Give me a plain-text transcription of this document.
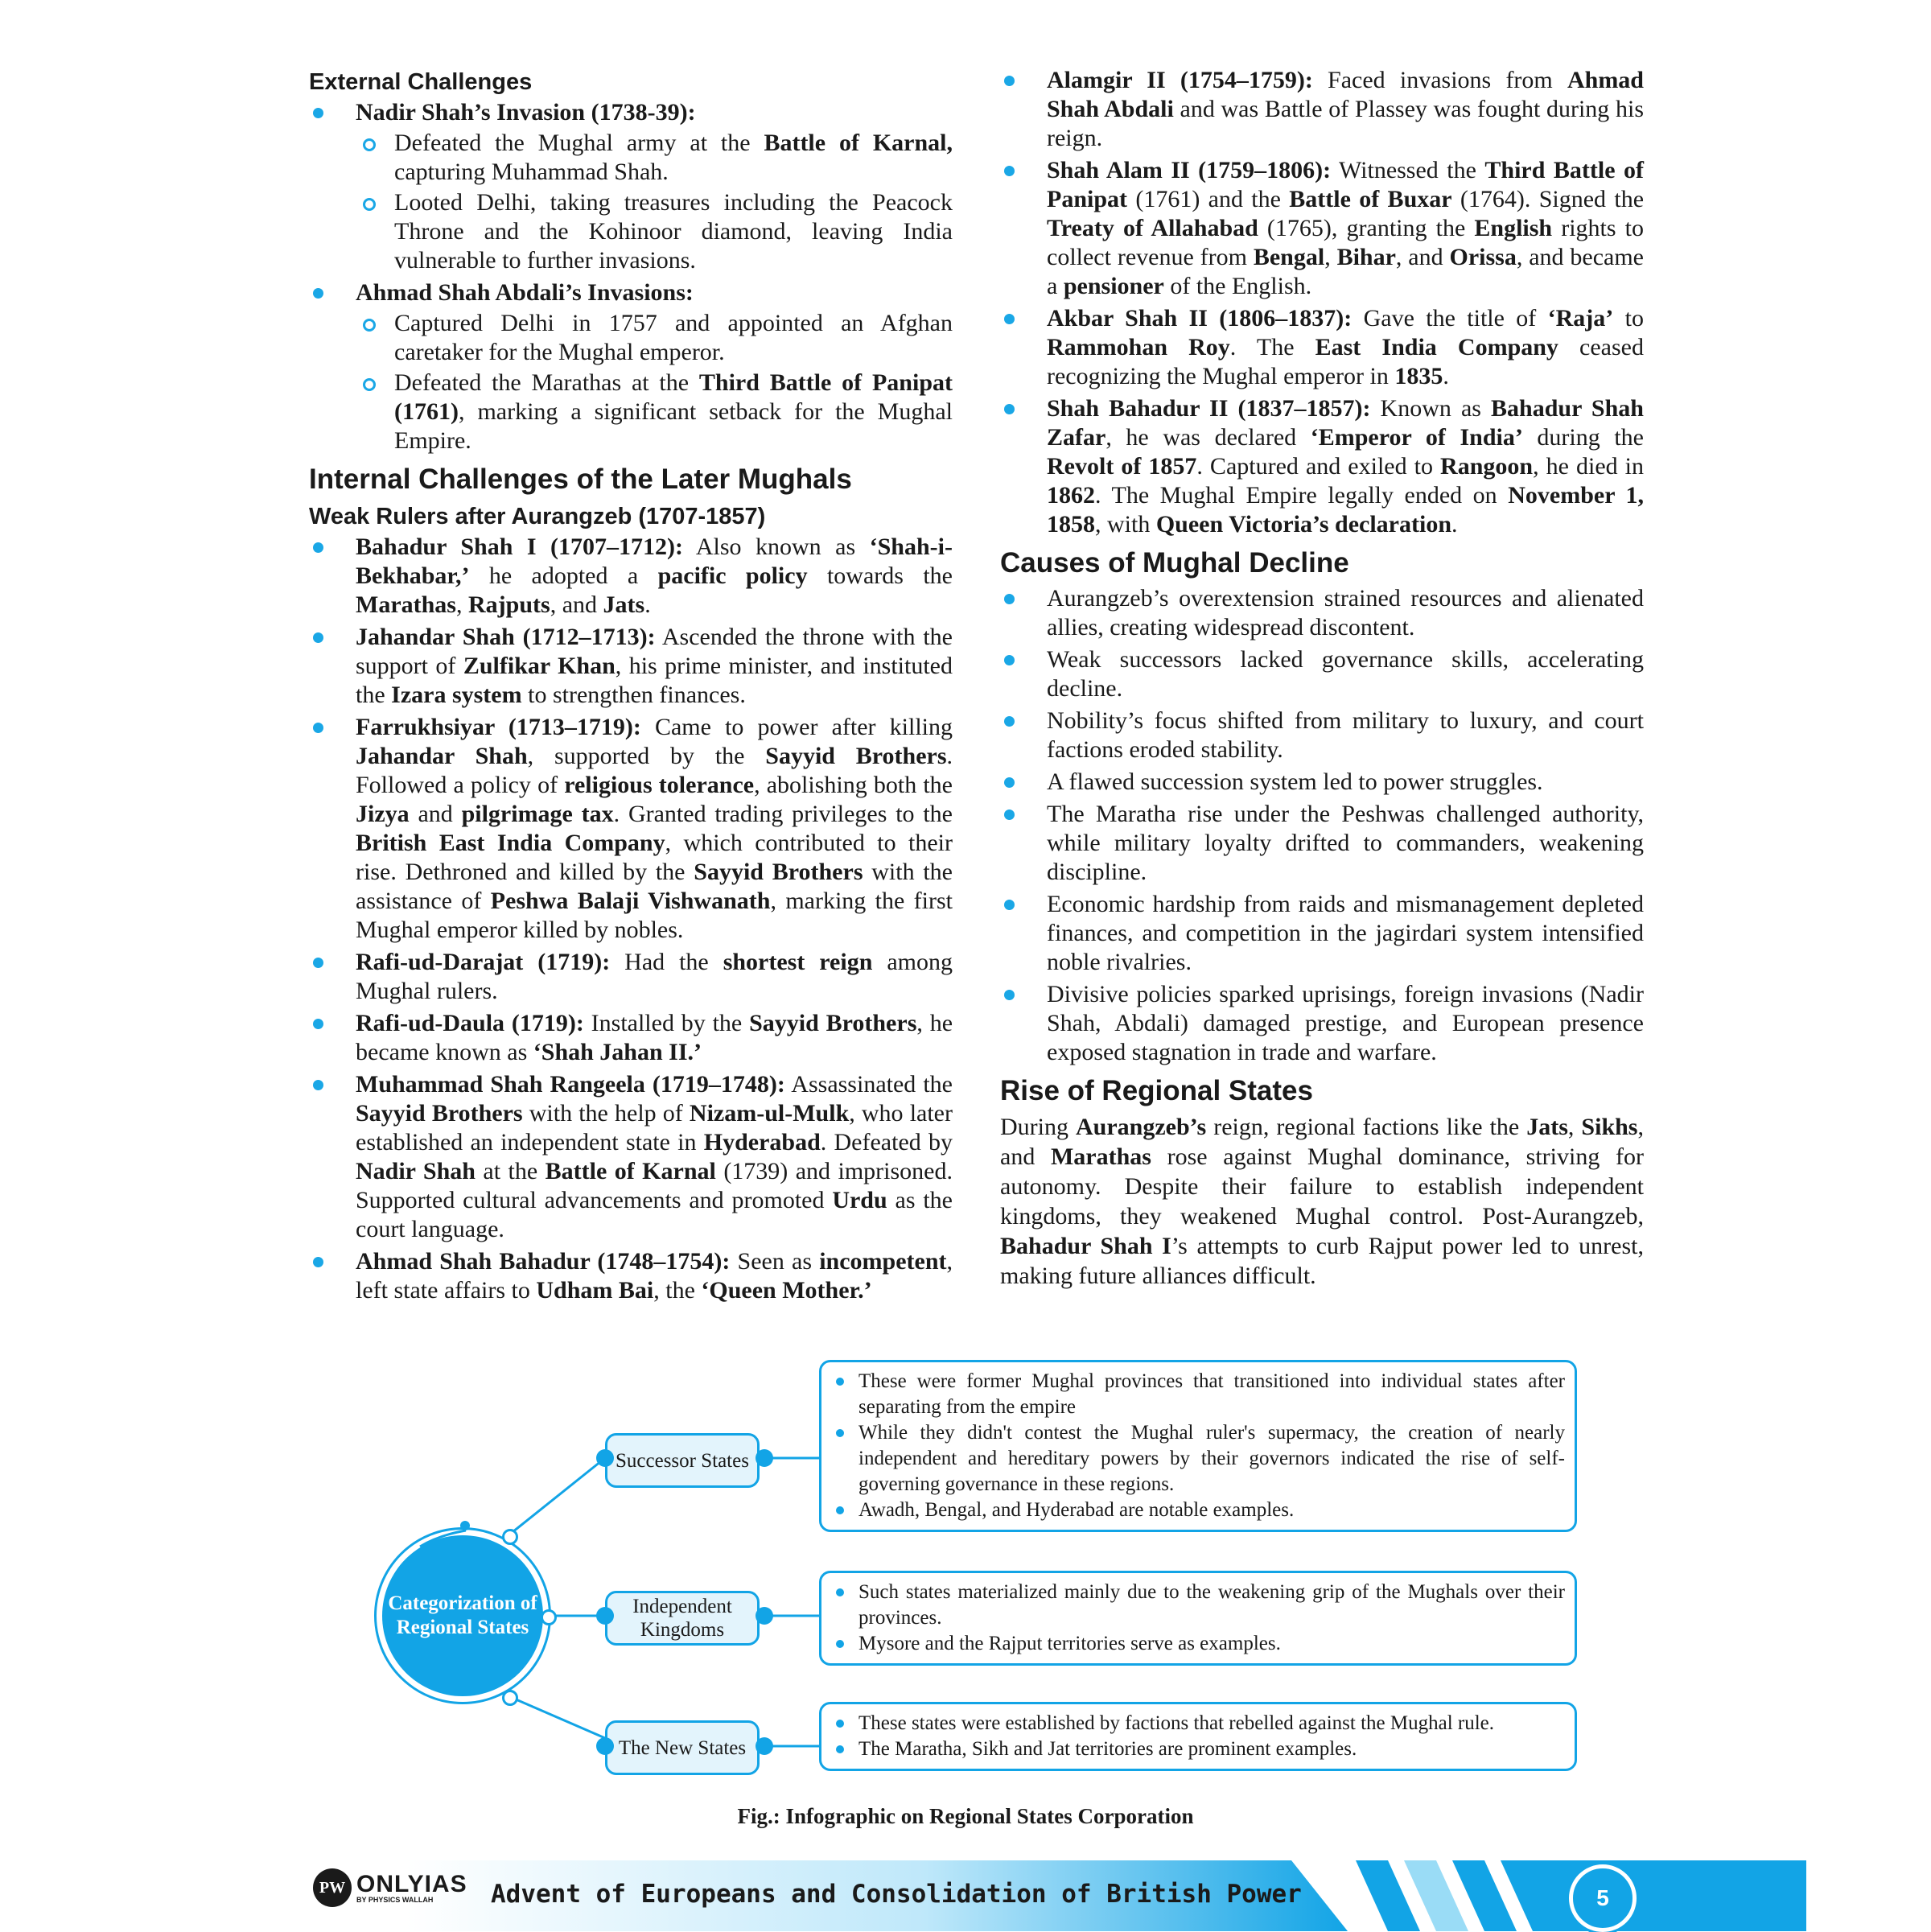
External Challenges
Nadir Shah’s Invasion (1738-39):
Defeated the Mughal army at the Battle of Karnal, capturing Muhammad Shah.
Looted Delhi, taking treasures including the Peacock Throne and the Kohinoor diamond, leaving India vulnerable to further invasions.
Ahmad Shah Abdali’s Invasions:
Captured Delhi in 1757 and appointed an Afghan caretaker for the Mughal emperor.
Defeated the Marathas at the Third Battle of Panipat (1761), marking a significant setback for the Mughal Empire.
Internal Challenges of the Later Mughals
Weak Rulers after Aurangzeb (1707-1857)
Bahadur Shah I (1707–1712): Also known as ‘Shah-i-Bekhabar,’ he adopted a pacific policy towards the Marathas, Rajputs, and Jats.
Jahandar Shah (1712–1713): Ascended the throne with the support of Zulfikar Khan, his prime minister, and instituted the Izara system to strengthen finances.
Farrukhsiyar (1713–1719): Came to power after killing Jahandar Shah, supported by the Sayyid Brothers. Followed a policy of religious tolerance, abolishing both the Jizya and pilgrimage tax. Granted trading privileges to the British East India Company, which contributed to their rise. Dethroned and killed by the Sayyid Brothers with the assistance of Peshwa Balaji Vishwanath, marking the first Mughal emperor killed by nobles.
Rafi-ud-Darajat (1719): Had the shortest reign among Mughal rulers.
Rafi-ud-Daula (1719): Installed by the Sayyid Brothers, he became known as ‘Shah Jahan II.’
Muhammad Shah Rangeela (1719–1748): Assassinated the Sayyid Brothers with the help of Nizam-ul-Mulk, who later established an independent state in Hyderabad. Defeated by Nadir Shah at the Battle of Karnal (1739) and imprisoned. Supported cultural advancements and promoted Urdu as the court language.
Ahmad Shah Bahadur (1748–1754): Seen as incompetent, left state affairs to Udham Bai, the ‘Queen Mother.’
Alamgir II (1754–1759): Faced invasions from Ahmad Shah Abdali and was Battle of Plassey was fought during his reign.
Shah Alam II (1759–1806): Witnessed the Third Battle of Panipat (1761) and the Battle of Buxar (1764). Signed the Treaty of Allahabad (1765), granting the English rights to collect revenue from Bengal, Bihar, and Orissa, and became a pensioner of the English.
Akbar Shah II (1806–1837): Gave the title of ‘Raja’ to Rammohan Roy. The East India Company ceased recognizing the Mughal emperor in 1835.
Shah Bahadur II (1837–1857): Known as Bahadur Shah Zafar, he was declared ‘Emperor of India’ during the Revolt of 1857. Captured and exiled to Rangoon, he died in 1862. The Mughal Empire legally ended on November 1, 1858, with Queen Victoria’s declaration.
Causes of Mughal Decline
Aurangzeb’s overextension strained resources and alienated allies, creating widespread discontent.
Weak successors lacked governance skills, accelerating decline.
Nobility’s focus shifted from military to luxury, and court factions eroded stability.
A flawed succession system led to power struggles.
The Maratha rise under the Peshwas challenged authority, while military loyalty drifted to commanders, weakening discipline.
Economic hardship from raids and mismanagement depleted finances, and competition in the jagirdari system intensified noble rivalries.
Divisive policies sparked uprisings, foreign invasions (Nadir Shah, Abdali) damaged prestige, and European presence exposed stagnation in trade and warfare.
Rise of Regional States

During Aurangzeb’s reign, regional factions like the Jats, Sikhs, and Marathas rose against Mughal dominance, striving for autonomy. Despite their failure to establish independent kingdoms, they weakened Mughal control. Post-Aurangzeb, Bahadur Shah I’s attempts to curb Rajput power led to unrest, making future alliances difficult.

Categorization of Regional States
Successor States
Independent Kingdoms
The New States
These were former Mughal provinces that transitioned into individual states after separating from the empire
While they didn't contest the Mughal ruler's supermacy, the creation of nearly independent and hereditary powers by their governors indicated the rise of self-governing governance in these regions.
Awadh, Bengal, and Hyderabad are notable examples.
Such states materialized mainly due to the weakening grip of the Mughals over their provinces.
Mysore and the Rajput territories serve as examples.
These states were established by factions that rebelled against the Mughal rule.
The Maratha, Sikh and Jat territories are prominent examples.
Fig.: Infographic on Regional States Corporation
PW ONLYIAS
BY PHYSICS WALLAH	Advent of Europeans and Consolidation of British Power	5
